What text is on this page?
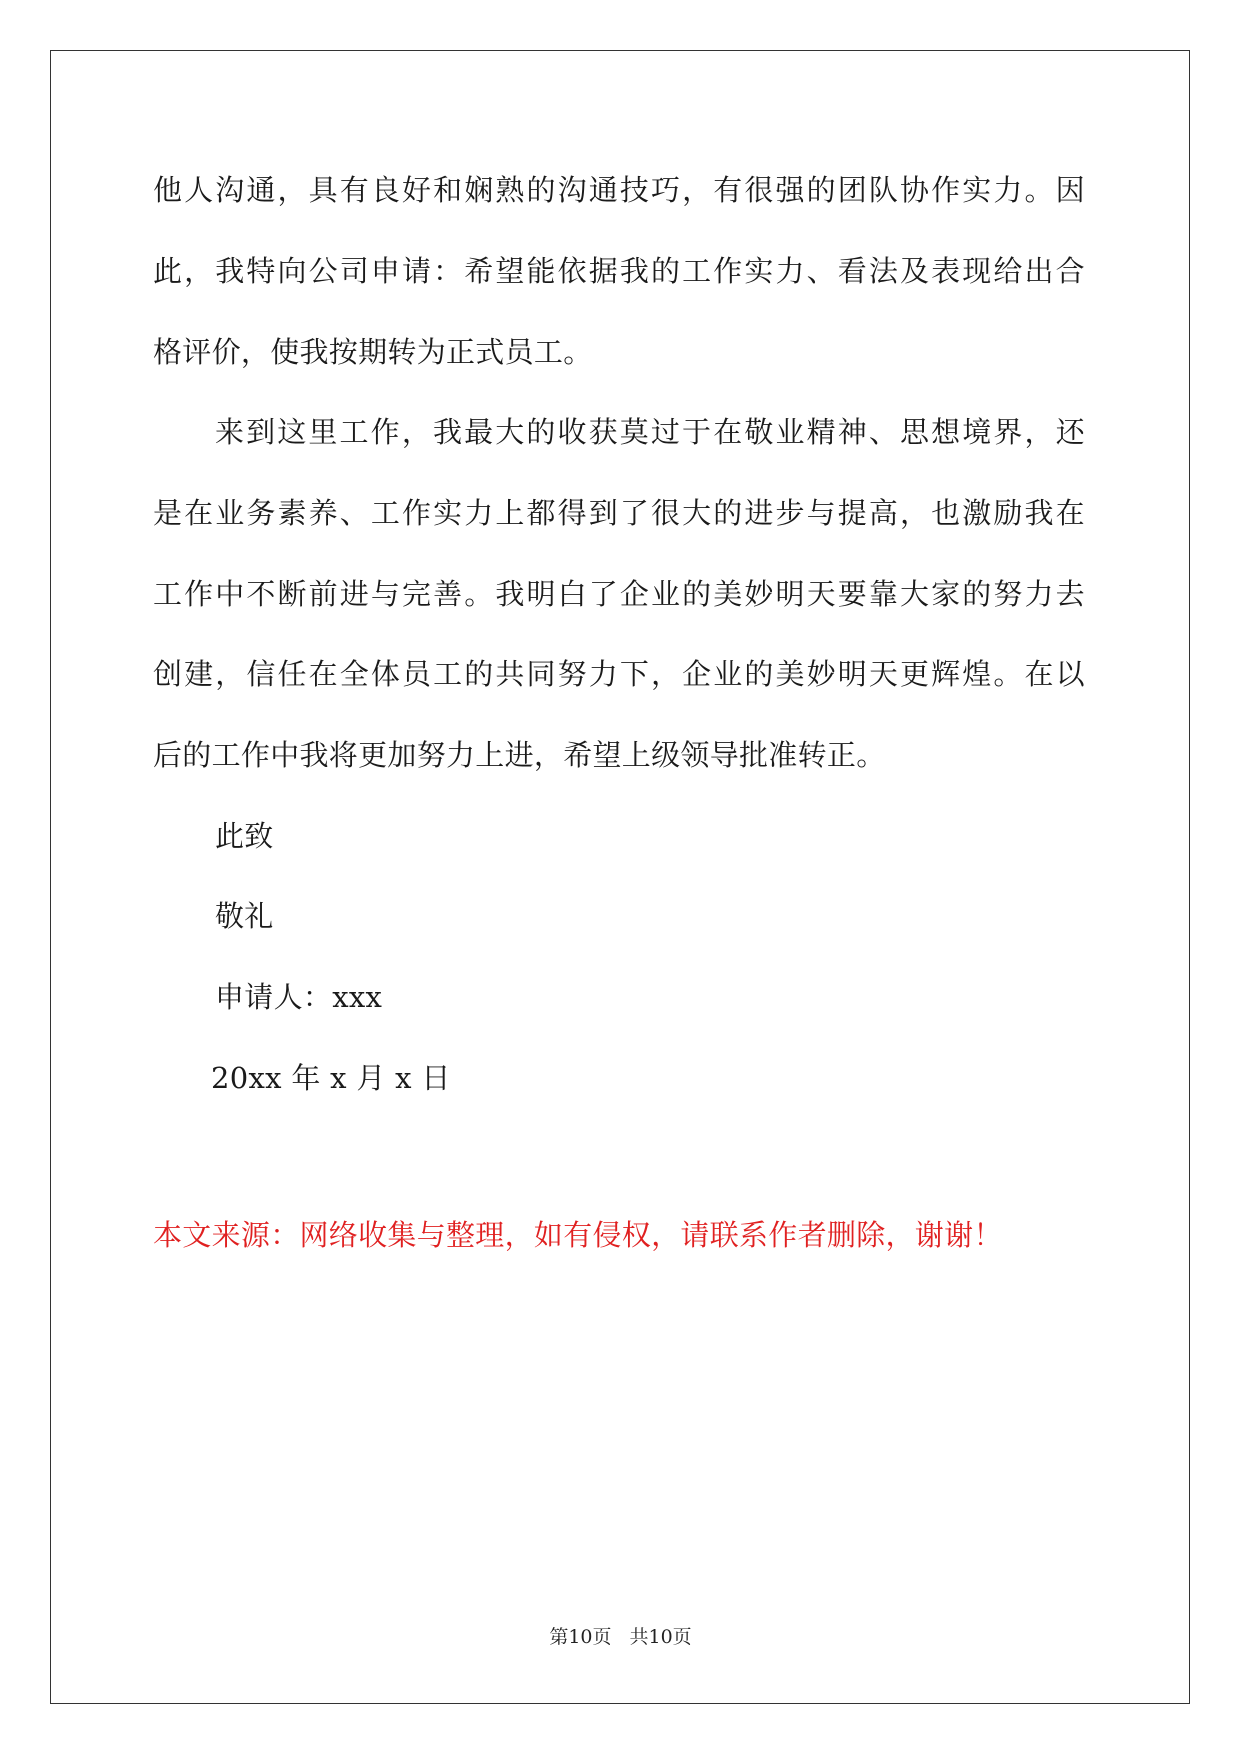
他人沟通，具有良好和娴熟的沟通技巧，有很强的团队协作实力。因
此，我特向公司申请：希望能依据我的工作实力、看法及表现给出合
格评价，使我按期转为正式员工。
来到这里工作，我最大的收获莫过于在敬业精神、思想境界，还
是在业务素养、工作实力上都得到了很大的进步与提高，也激励我在
工作中不断前进与完善。我明白了企业的美妙明天要靠大家的努力去
创建，信任在全体员工的共同努力下，企业的美妙明天更辉煌。在以
后的工作中我将更加努力上进，希望上级领导批准转正。
此致
敬礼
申请人：xxx
20xx 年 x 月 x 日
本文来源：网络收集与整理，如有侵权，请联系作者删除，谢谢！
第10页 共10页
